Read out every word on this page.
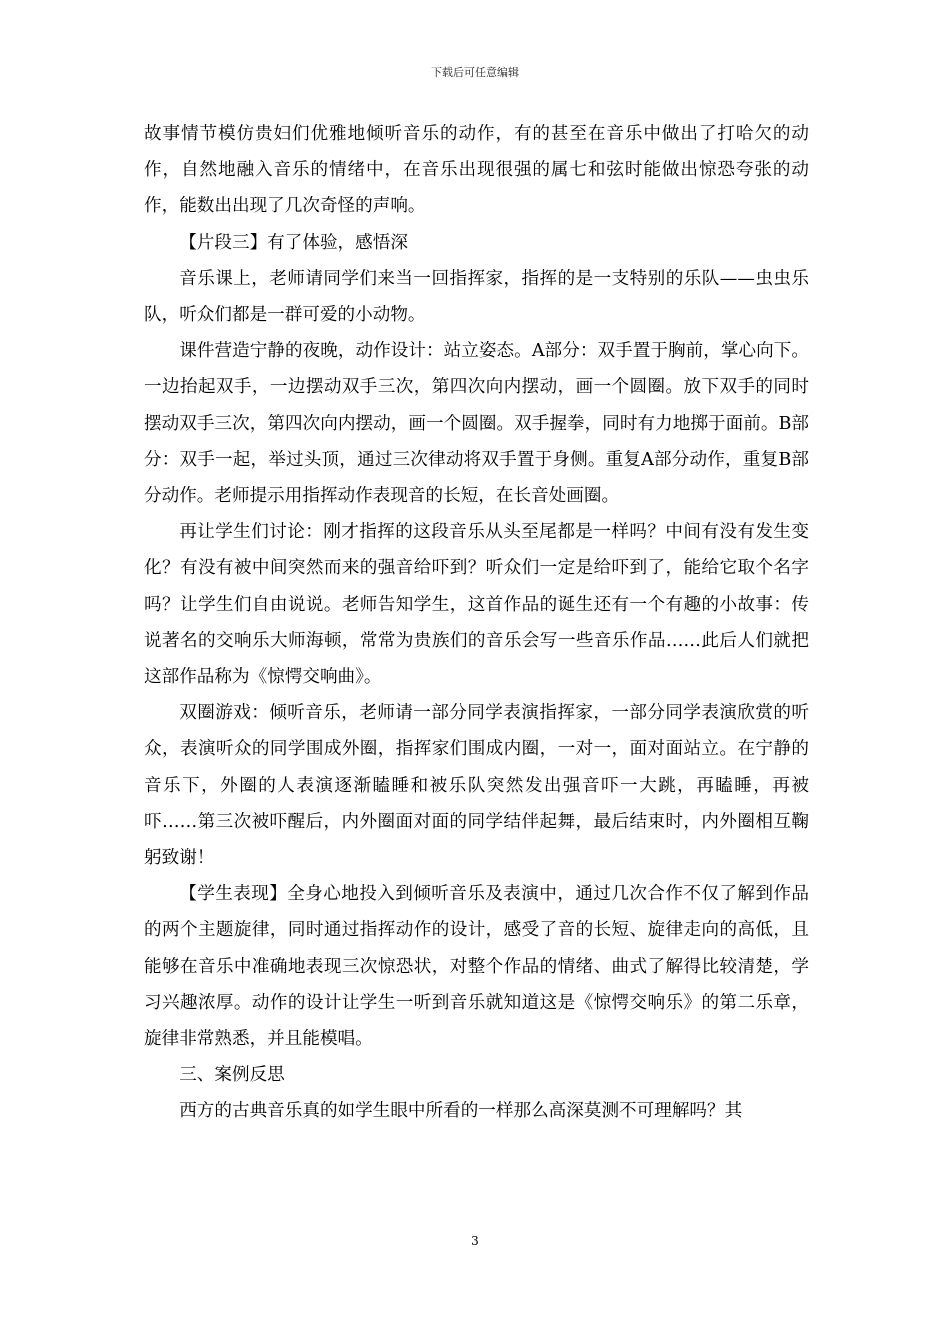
下载后可任意编辑

故事情节模仿贵妇们优雅地倾听音乐的动作，有的甚至在音乐中做出了打哈欠的动作，自然地融入音乐的情绪中，在音乐出现很强的属七和弦时能做出惊恐夸张的动作，能数出出现了几次奇怪的声响。

【片段三】有了体验，感悟深

音乐课上，老师请同学们来当一回指挥家，指挥的是一支特别的乐队——虫虫乐队，听众们都是一群可爱的小动物。

课件营造宁静的夜晚，动作设计：站立姿态。A部分：双手置于胸前，掌心向下。一边抬起双手，一边摆动双手三次，第四次向内摆动，画一个圆圈。放下双手的同时摆动双手三次，第四次向内摆动，画一个圆圈。双手握拳，同时有力地掷于面前。B部分：双手一起，举过头顶，通过三次律动将双手置于身侧。重复A部分动作，重复B部分动作。老师提示用指挥动作表现音的长短，在长音处画圈。

再让学生们讨论：刚才指挥的这段音乐从头至尾都是一样吗？中间有没有发生变化？有没有被中间突然而来的强音给吓到？听众们一定是给吓到了，能给它取个名字吗？让学生们自由说说。老师告知学生，这首作品的诞生还有一个有趣的小故事：传说著名的交响乐大师海顿，常常为贵族们的音乐会写一些音乐作品……此后人们就把这部作品称为《惊愕交响曲》。

双圈游戏：倾听音乐，老师请一部分同学表演指挥家，一部分同学表演欣赏的听众，表演听众的同学围成外圈，指挥家们围成内圈，一对一，面对面站立。在宁静的音乐下，外圈的人表演逐渐瞌睡和被乐队突然发出强音吓一大跳，再瞌睡，再被吓……第三次被吓醒后，内外圈面对面的同学结伴起舞，最后结束时，内外圈相互鞠躬致谢！

【学生表现】全身心地投入到倾听音乐及表演中，通过几次合作不仅了解到作品的两个主题旋律，同时通过指挥动作的设计，感受了音的长短、旋律走向的高低，且能够在音乐中准确地表现三次惊恐状，对整个作品的情绪、曲式了解得比较清楚，学习兴趣浓厚。动作的设计让学生一听到音乐就知道这是《惊愕交响乐》的第二乐章，旋律非常熟悉，并且能模唱。

三、案例反思

西方的古典音乐真的如学生眼中所看的一样那么高深莫测不可理解吗？其

3
